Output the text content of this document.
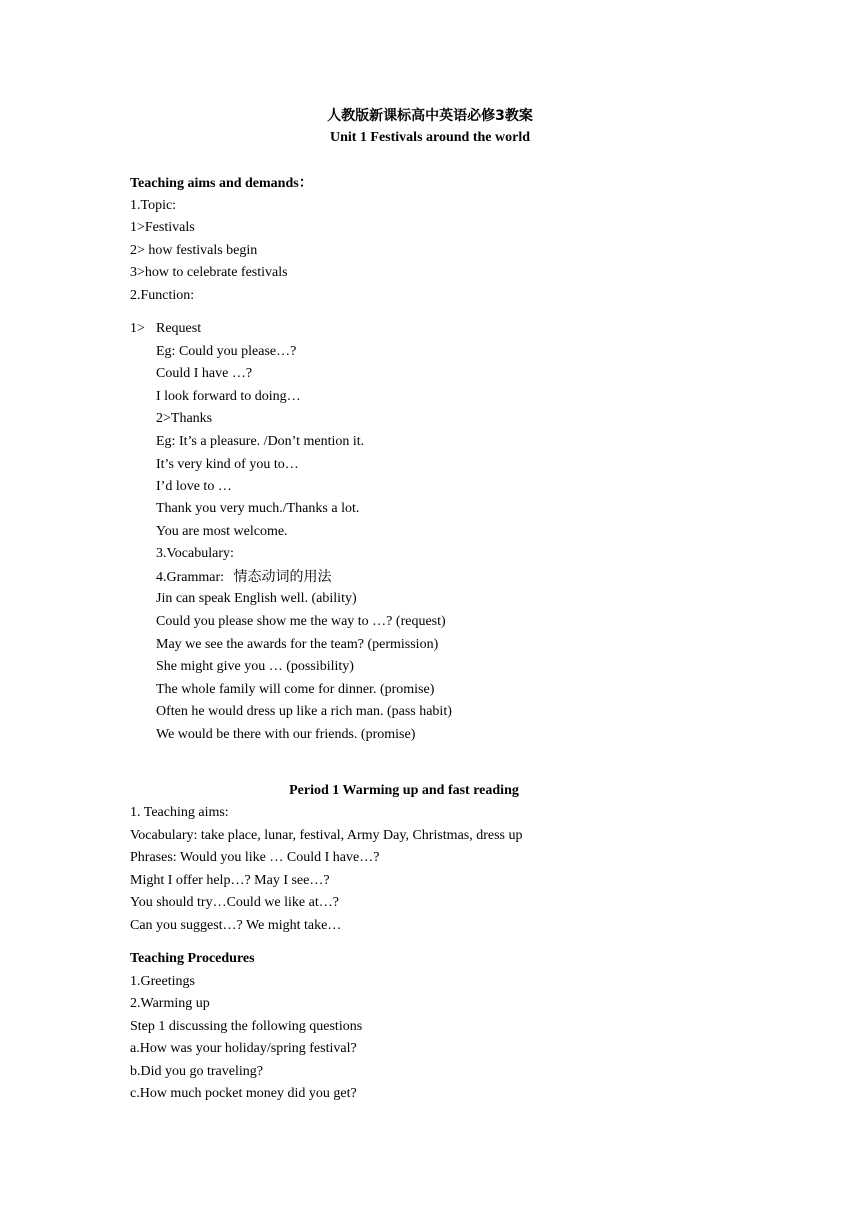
人教版新课标高中英语必修3教案
Unit 1 Festivals around the world
Teaching aims and demands：
1.Topic:
1>Festivals
2> how festivals begin
3>how to celebrate festivals
2.Function:
1> Request
Eg: Could you please…?
Could I have …?
I look forward to doing…
2>Thanks
Eg: It’s a pleasure. /Don’t mention it.
It’s very kind of you to…
I’d love to …
Thank you very much./Thanks a lot.
You are most welcome.
3.Vocabulary:
4.Grammar: 情态动词的用法
Jin can speak English well. (ability)
Could you please show me the way to …? (request)
May we see the awards for the team? (permission)
She might give you … (possibility)
The whole family will come for dinner. (promise)
Often he would dress up like a rich man. (pass habit)
We would be there with our friends. (promise)
Period 1 Warming up and fast reading
1. Teaching aims:
Vocabulary: take place, lunar, festival, Army Day, Christmas, dress up
Phrases: Would you like … Could I have…?
Might I offer help…? May I see…?
You should try…Could we like at…?
Can you suggest…? We might take…
Teaching Procedures
1.Greetings
2.Warming up
Step 1 discussing the following questions
a.How was your holiday/spring festival?
b.Did you go traveling?
c.How much pocket money did you get?
